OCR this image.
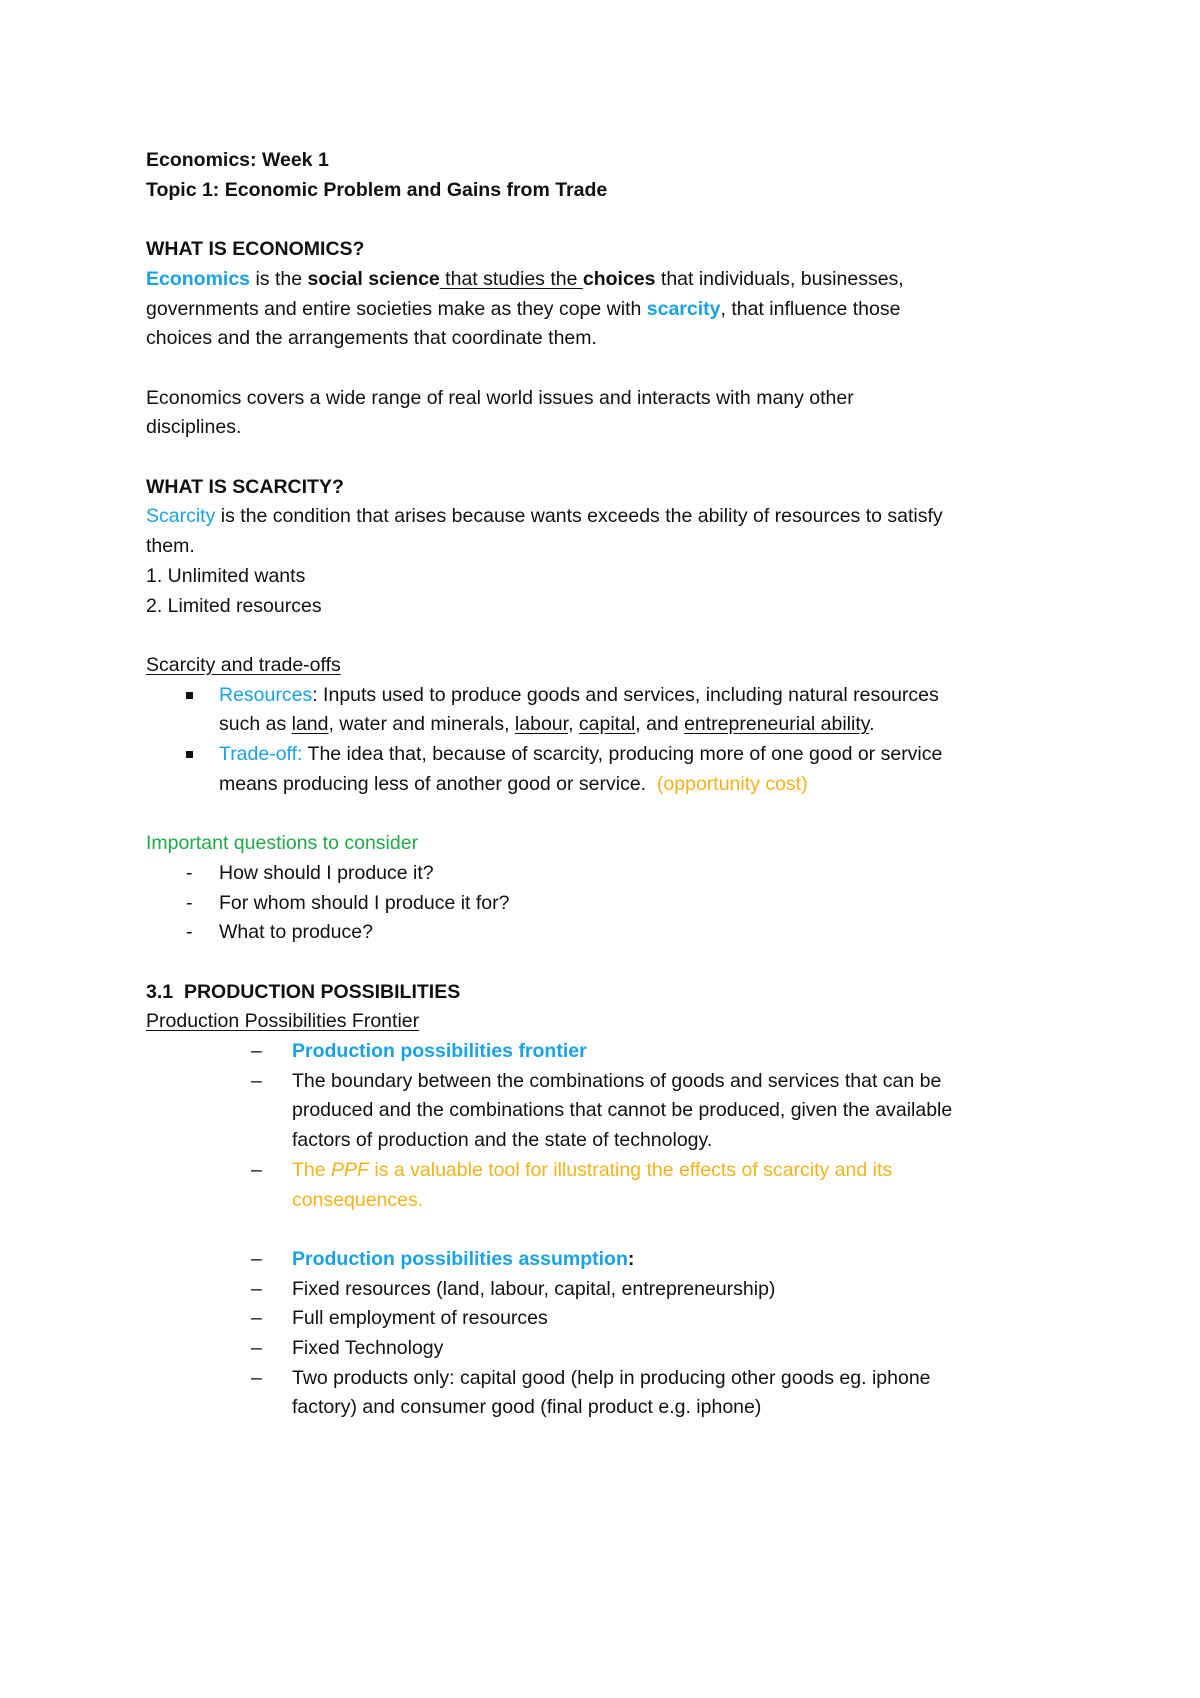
Economics: Week 1
Topic 1: Economic Problem and Gains from Trade
WHAT IS ECONOMICS?
Economics is the social science that studies the choices that individuals, businesses,
governments and entire societies make as they cope with scarcity, that influence those
choices and the arrangements that coordinate them.
Economics covers a wide range of real world issues and interacts with many other
disciplines.
WHAT IS SCARCITY?
Scarcity is the condition that arises because wants exceeds the ability of resources to satisfy
them.
1. Unlimited wants
2. Limited resources
Scarcity and trade-offs
Resources: Inputs used to produce goods and services, including natural resources
such as land, water and minerals, labour, capital, and entrepreneurial ability.
Trade-off: The idea that, because of scarcity, producing more of one good or service
means producing less of another good or service.  (opportunity cost)
Important questions to consider
- How should I produce it?
- For whom should I produce it for?
- What to produce?
3.1  PRODUCTION POSSIBILITIES
Production Possibilities Frontier
– Production possibilities frontier
– The boundary between the combinations of goods and services that can be
produced and the combinations that cannot be produced, given the available
factors of production and the state of technology.
– The PPF is a valuable tool for illustrating the effects of scarcity and its
consequences.
– Production possibilities assumption:
– Fixed resources (land, labour, capital, entrepreneurship)
– Full employment of resources
– Fixed Technology
– Two products only: capital good (help in producing other goods eg. iphone
factory) and consumer good (final product e.g. iphone)
